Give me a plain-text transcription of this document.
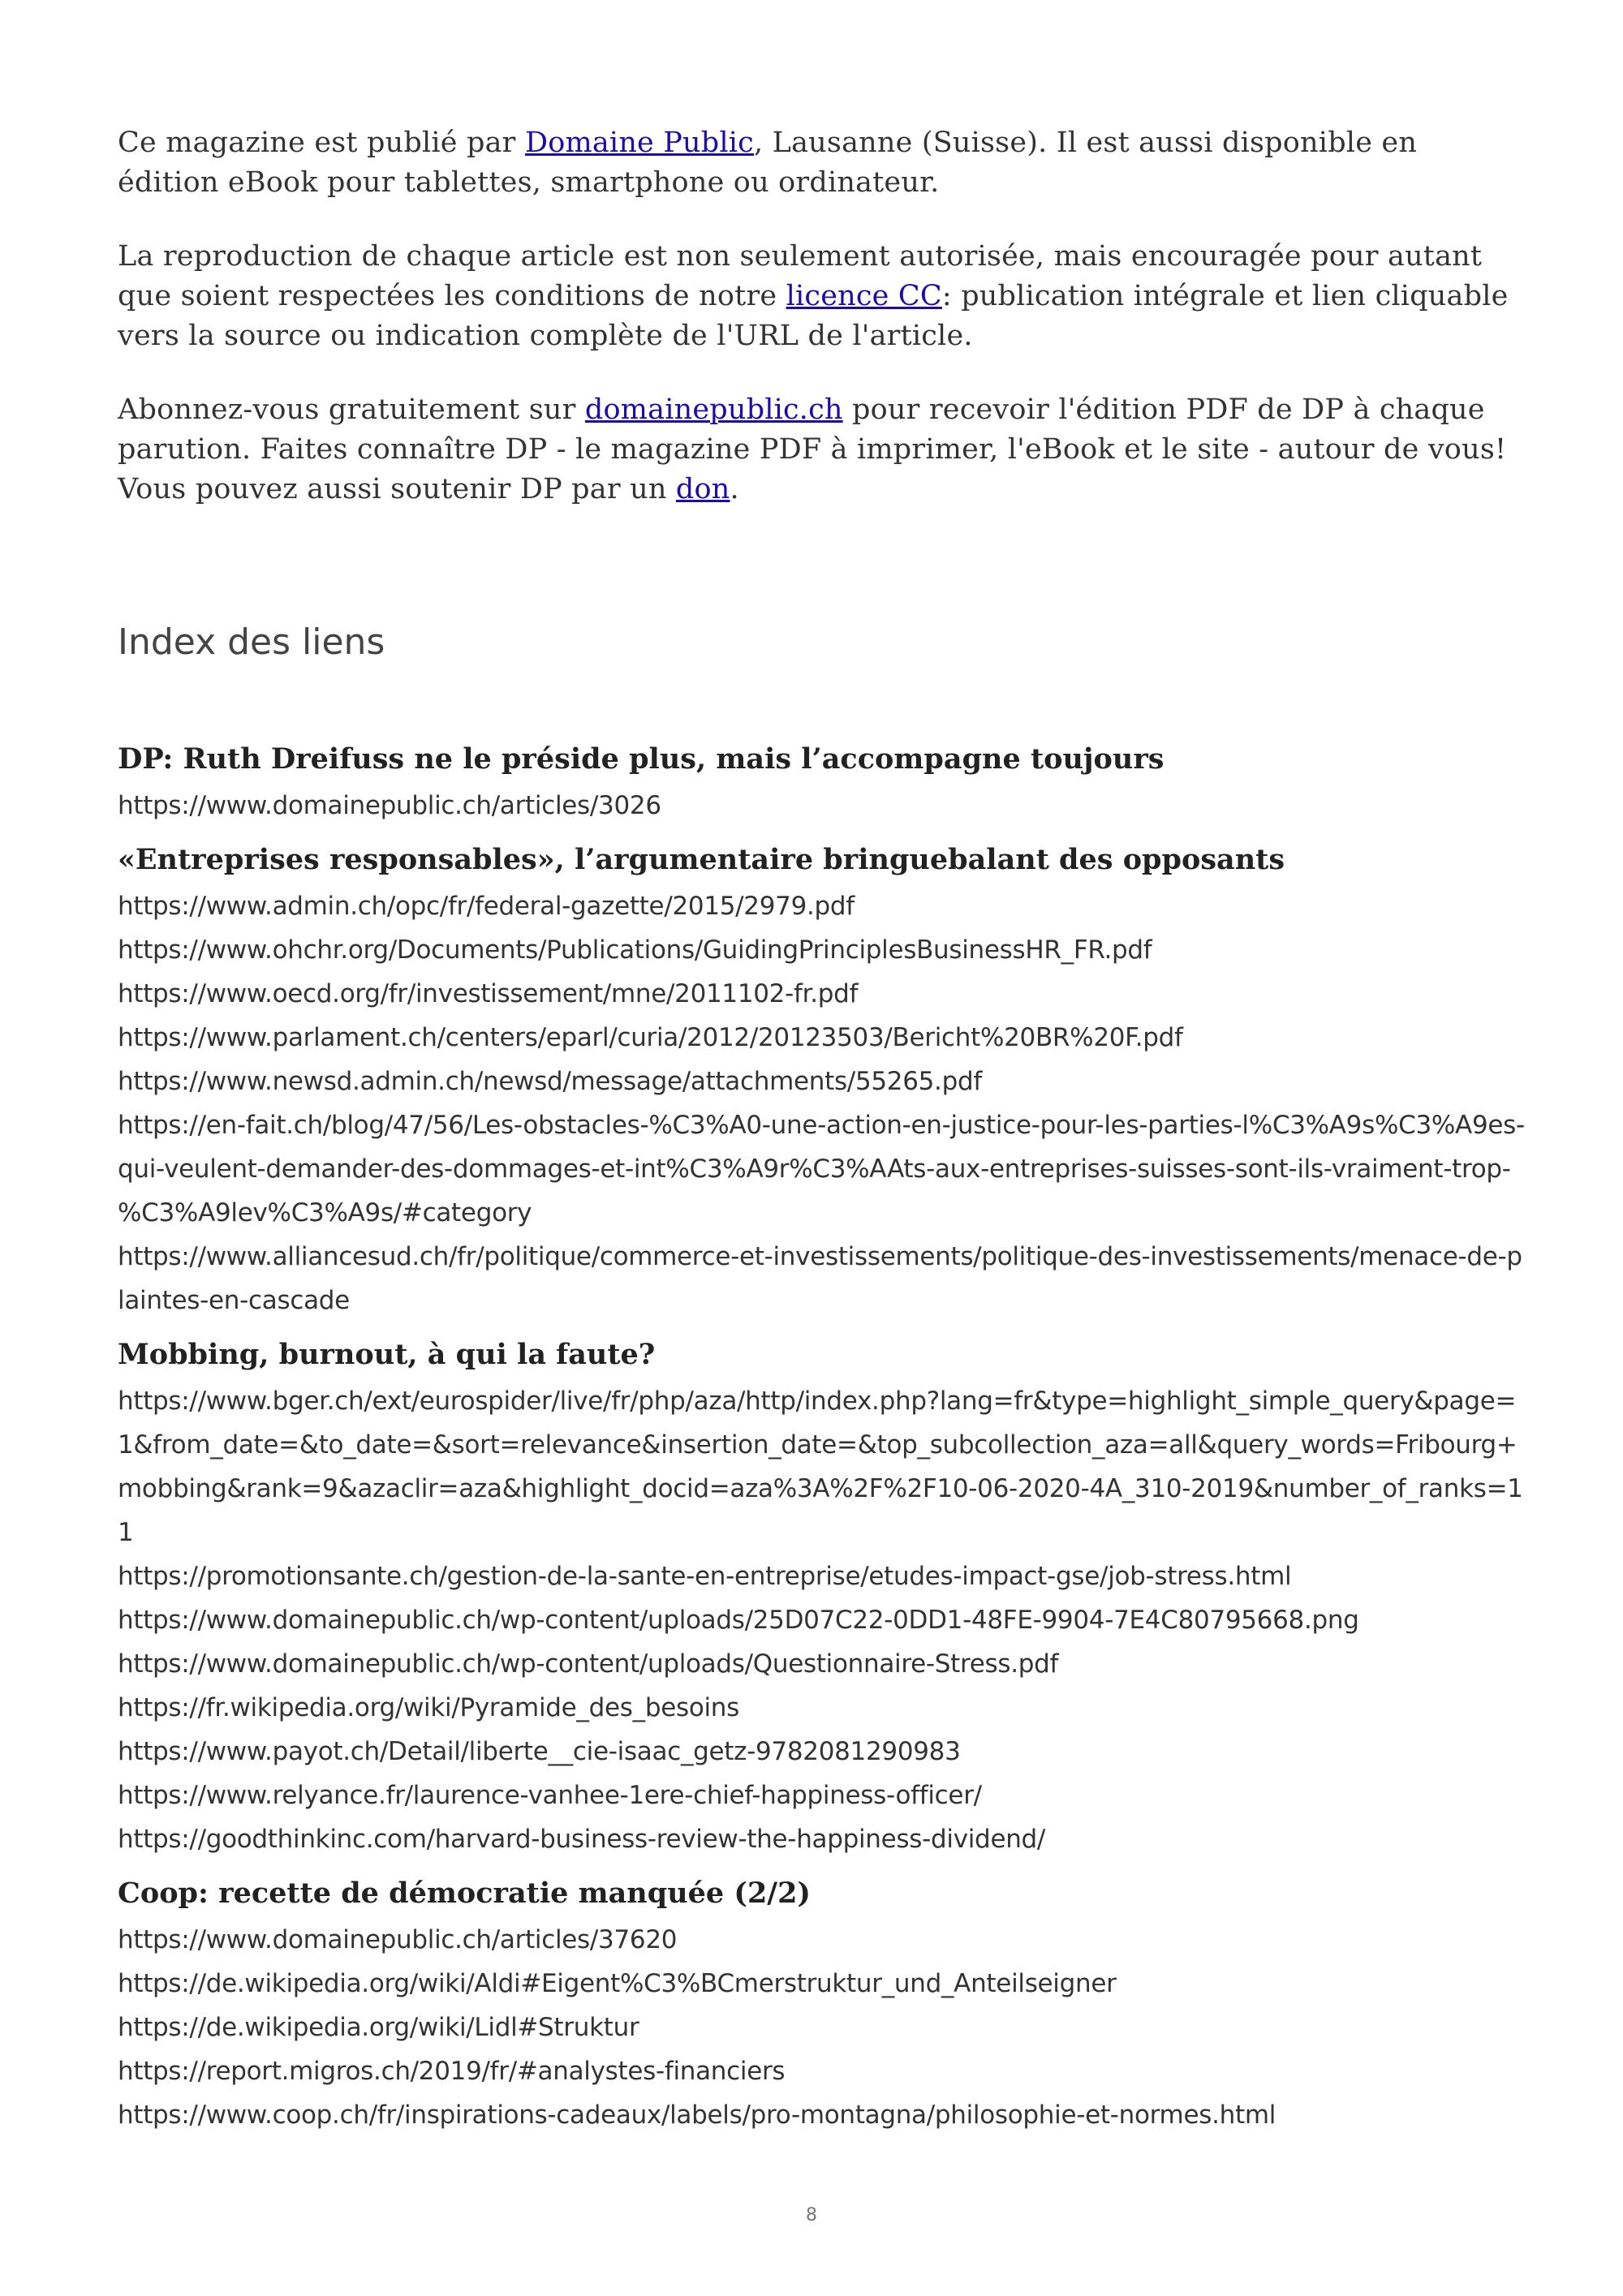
Ce magazine est publié par Domaine Public, Lausanne (Suisse). Il est aussi disponible en édition eBook pour tablettes, smartphone ou ordinateur.

La reproduction de chaque article est non seulement autorisée, mais encouragée pour autant que soient respectées les conditions de notre licence CC: publication intégrale et lien cliquable vers la source ou indication complète de l'URL de l'article.

Abonnez-vous gratuitement sur domainepublic.ch pour recevoir l'édition PDF de DP à chaque parution. Faites connaître DP - le magazine PDF à imprimer, l'eBook et le site - autour de vous! Vous pouvez aussi soutenir DP par un don.

Index des liens
DP: Ruth Dreifuss ne le préside plus, mais l’accompagne toujours
https://www.domainepublic.ch/articles/3026
«Entreprises responsables», l’argumentaire bringuebalant des opposants
https://www.admin.ch/opc/fr/federal-gazette/2015/2979.pdf
https://www.ohchr.org/Documents/Publications/GuidingPrinciplesBusinessHR_FR.pdf
https://www.oecd.org/fr/investissement/mne/2011102-fr.pdf
https://www.parlament.ch/centers/eparl/curia/2012/20123503/Bericht%20BR%20F.pdf
https://www.newsd.admin.ch/newsd/message/attachments/55265.pdf
https://en-fait.ch/blog/47/56/Les-obstacles-%C3%A0-une-action-en-justice-pour-les-parties-l%C3%A9s%C3%A9es-qui-veulent-demander-des-dommages-et-int%C3%A9r%C3%AAts-aux-entreprises-suisses-sont-ils-vraiment-trop-%C3%A9lev%C3%A9s/#category
https://www.alliancesud.ch/fr/politique/commerce-et-investissements/politique-des-investissements/menace-de-plaintes-en-cascade
Mobbing, burnout, à qui la faute?
https://www.bger.ch/ext/eurospider/live/fr/php/aza/http/index.php?lang=fr&type=highlight_simple_query&page=1&from_date=&to_date=&sort=relevance&insertion_date=&top_subcollection_aza=all&query_words=Fribourg+mobbing&rank=9&azaclir=aza&highlight_docid=aza%3A%2F%2F10-06-2020-4A_310-2019&number_of_ranks=11
https://promotionsante.ch/gestion-de-la-sante-en-entreprise/etudes-impact-gse/job-stress.html
https://www.domainepublic.ch/wp-content/uploads/25D07C22-0DD1-48FE-9904-7E4C80795668.png
https://www.domainepublic.ch/wp-content/uploads/Questionnaire-Stress.pdf
https://fr.wikipedia.org/wiki/Pyramide_des_besoins
https://www.payot.ch/Detail/liberte__cie-isaac_getz-9782081290983
https://www.relyance.fr/laurence-vanhee-1ere-chief-happiness-officer/
https://goodthinkinc.com/harvard-business-review-the-happiness-dividend/
Coop: recette de démocratie manquée (2/2)
https://www.domainepublic.ch/articles/37620
https://de.wikipedia.org/wiki/Aldi#Eigent%C3%BCmerstruktur_und_Anteilseigner
https://de.wikipedia.org/wiki/Lidl#Struktur
https://report.migros.ch/2019/fr/#analystes-financiers
https://www.coop.ch/fr/inspirations-cadeaux/labels/pro-montagna/philosophie-et-normes.html
8
